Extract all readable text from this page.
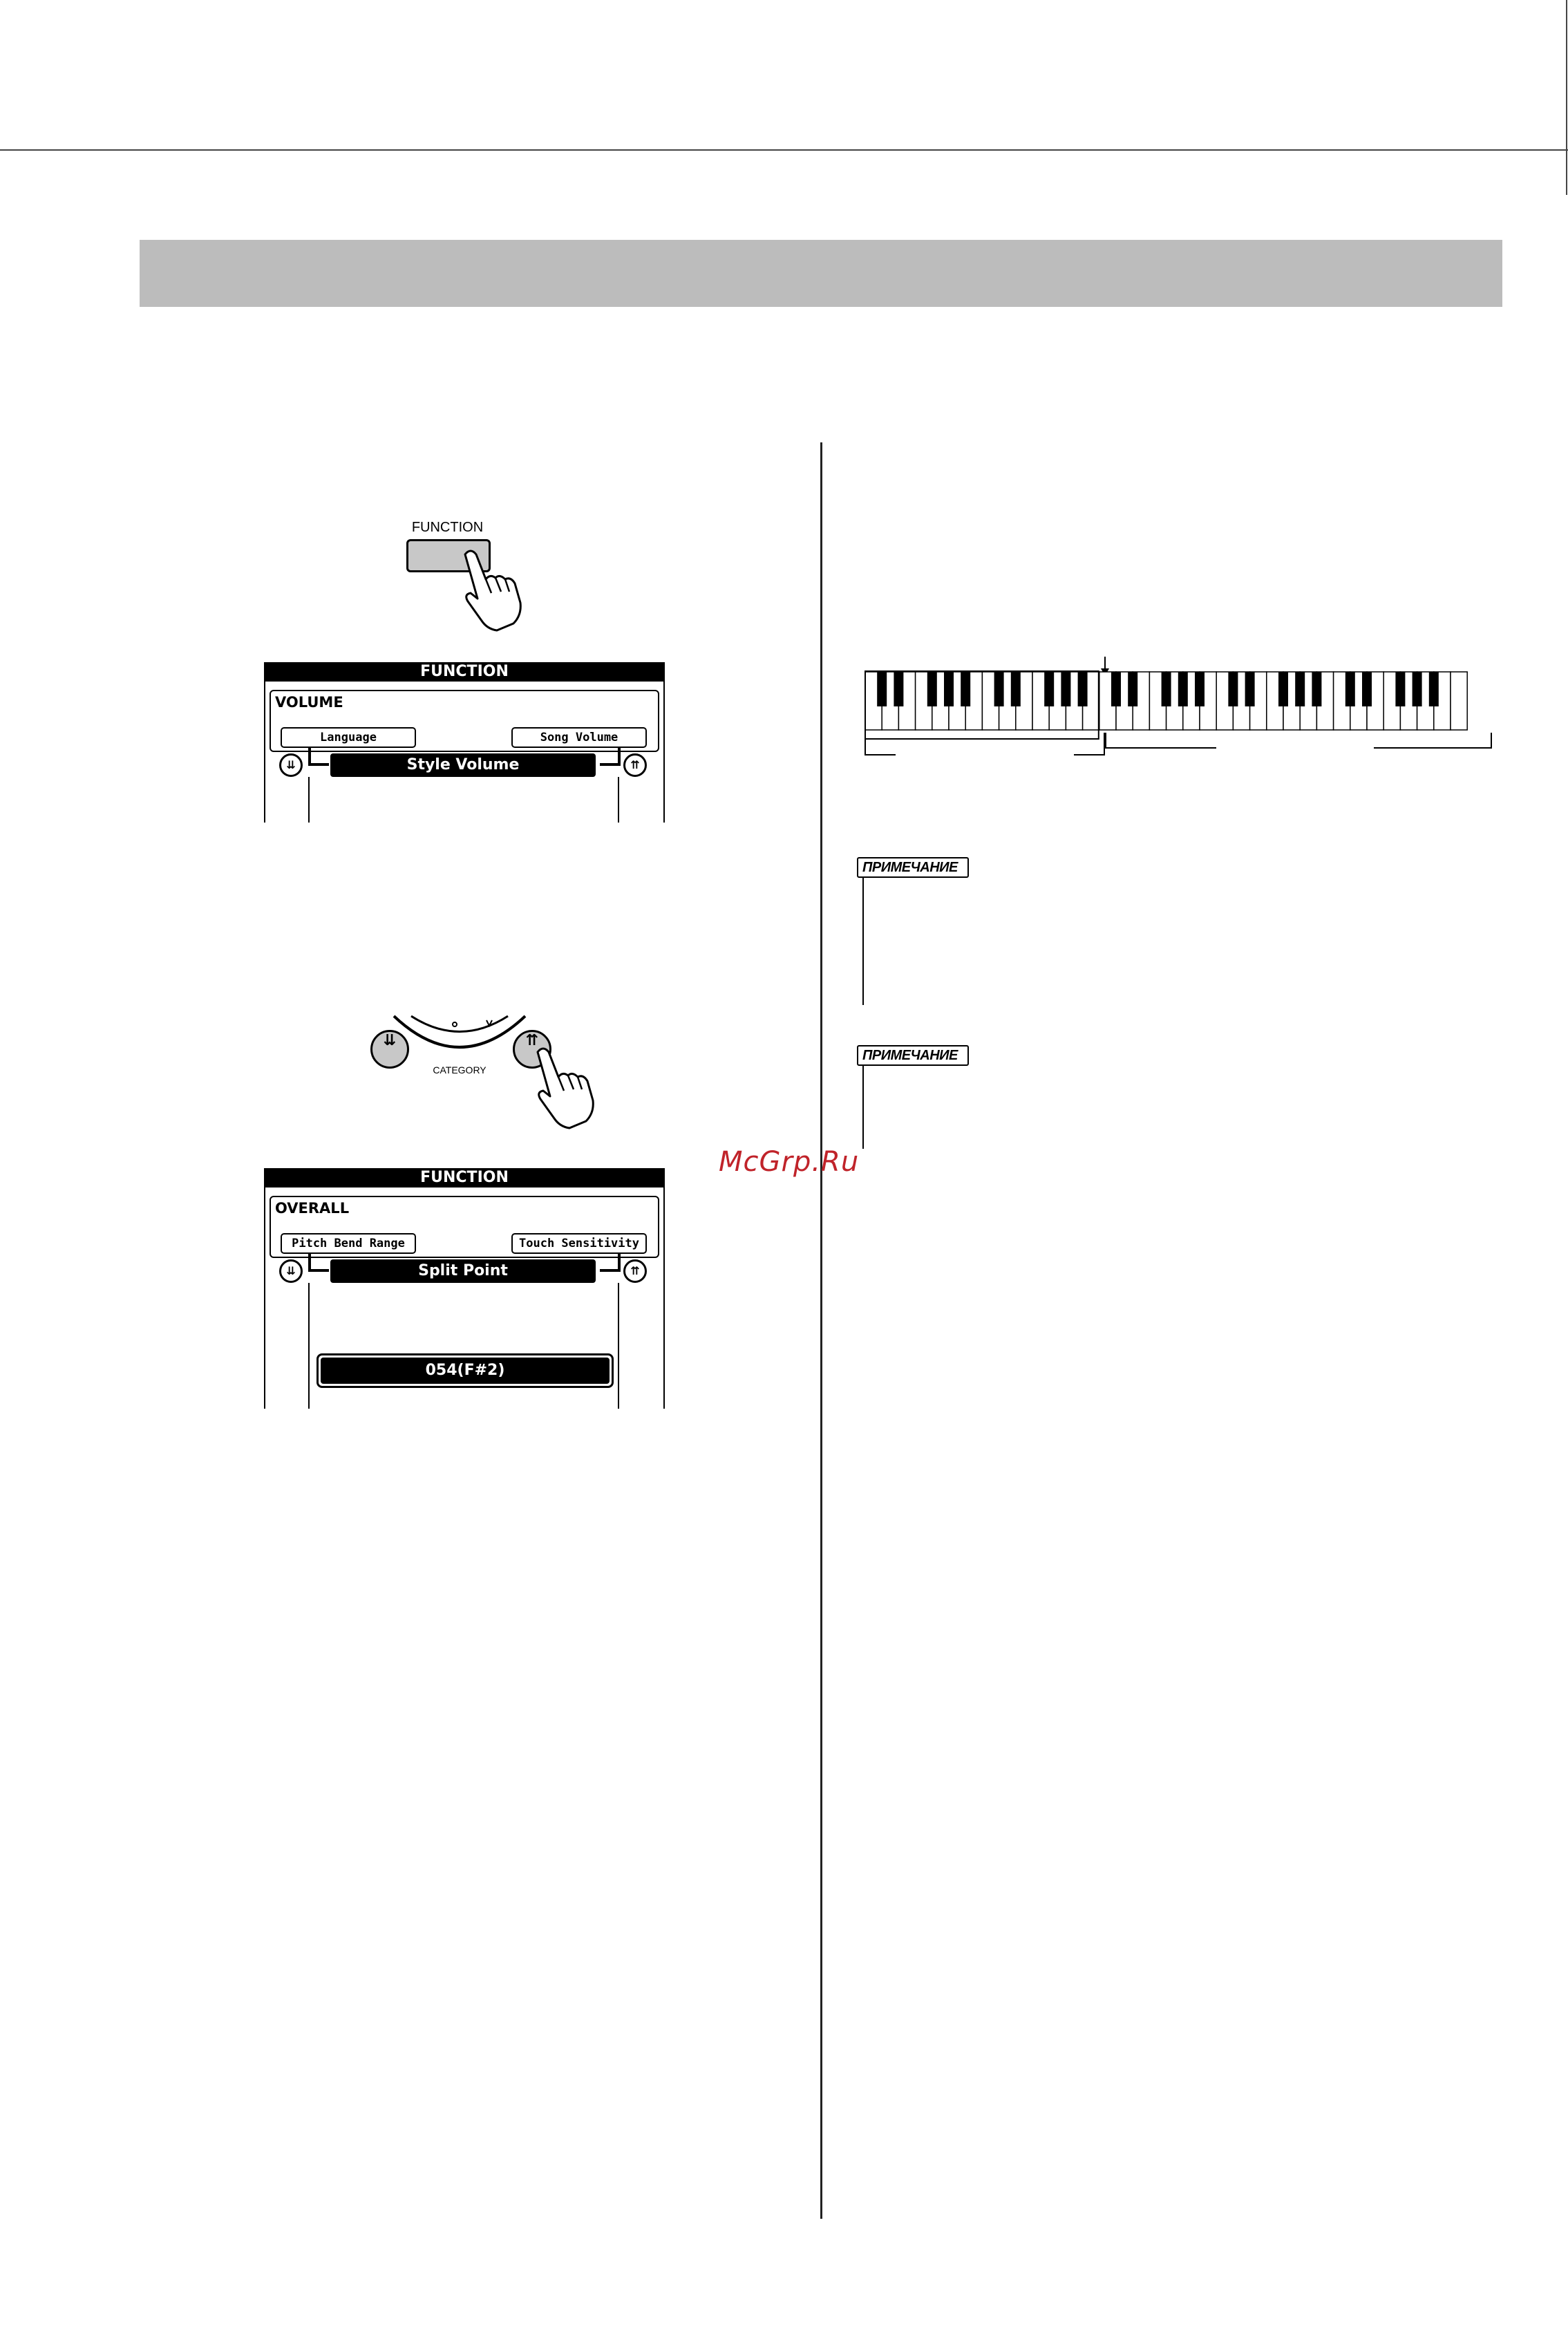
FUNCTION
FUNCTION
VOLUME
Language	Song Volume
⇊	⇈
Style Volume
⇊	⇈
CATEGORY
FUNCTION
OVERALL
Pitch Bend Range	Touch Sensitivity
⇊	⇈
Split Point
054(F#2)
ПРИМЕЧАНИЕ
ПРИМЕЧАНИЕ
McGrp.Ru
